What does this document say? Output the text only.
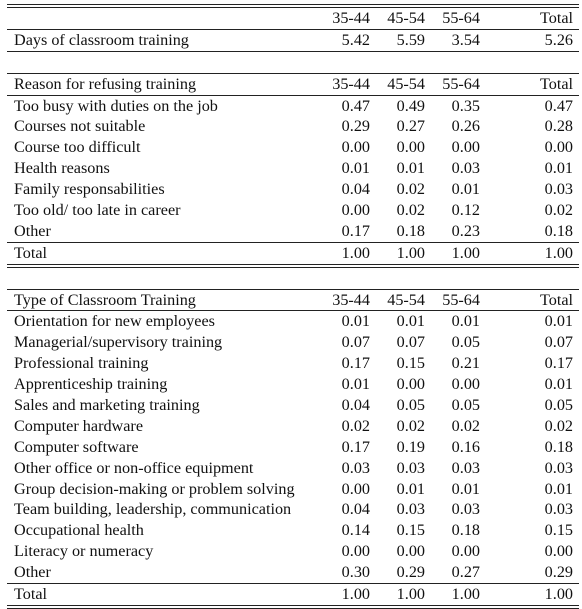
35-44 45-54 55-64	Total
Days of classroom training	5.42 5.59 3.54	5.26
Reason for refusing training	35-44 45-54 55-64	Total
Too busy with duties on the job	0.47 0.49 0.35	0.47
Courses not suitable	0.29 0.27 0.26	0.28
Course too difficult	0.00 0.00 0.00	0.00
Health reasons	0.01 0.01 0.03	0.01
Family responsabilities	0.04 0.02 0.01	0.03
Too old/ too late in career	0.00 0.02 0.12	0.02
Other	0.17 0.18 0.23	0.18
Total	1.00 1.00 1.00	1.00
Type of Classroom Training	35-44 45-54 55-64	Total
Orientation for new employees	0.01 0.01 0.01	0.01
Managerial/supervisory training	0.07 0.07 0.05	0.07
Professional training	0.17 0.15 0.21	0.17
Apprenticeship training	0.01 0.00 0.00	0.01
Sales and marketing training	0.04 0.05 0.05	0.05
Computer hardware	0.02 0.02 0.02	0.02
Computer software	0.17 0.19 0.16	0.18
Other office or non-office equipment	0.03 0.03 0.03	0.03
Group decision-making or problem solving	0.00 0.01 0.01	0.01
Team building, leadership, communication	0.04 0.03 0.03	0.03
Occupational health	0.14 0.15 0.18	0.15
Literacy or numeracy	0.00 0.00 0.00	0.00
Other	0.30 0.29 0.27	0.29
Total	1.00 1.00 1.00	1.00
